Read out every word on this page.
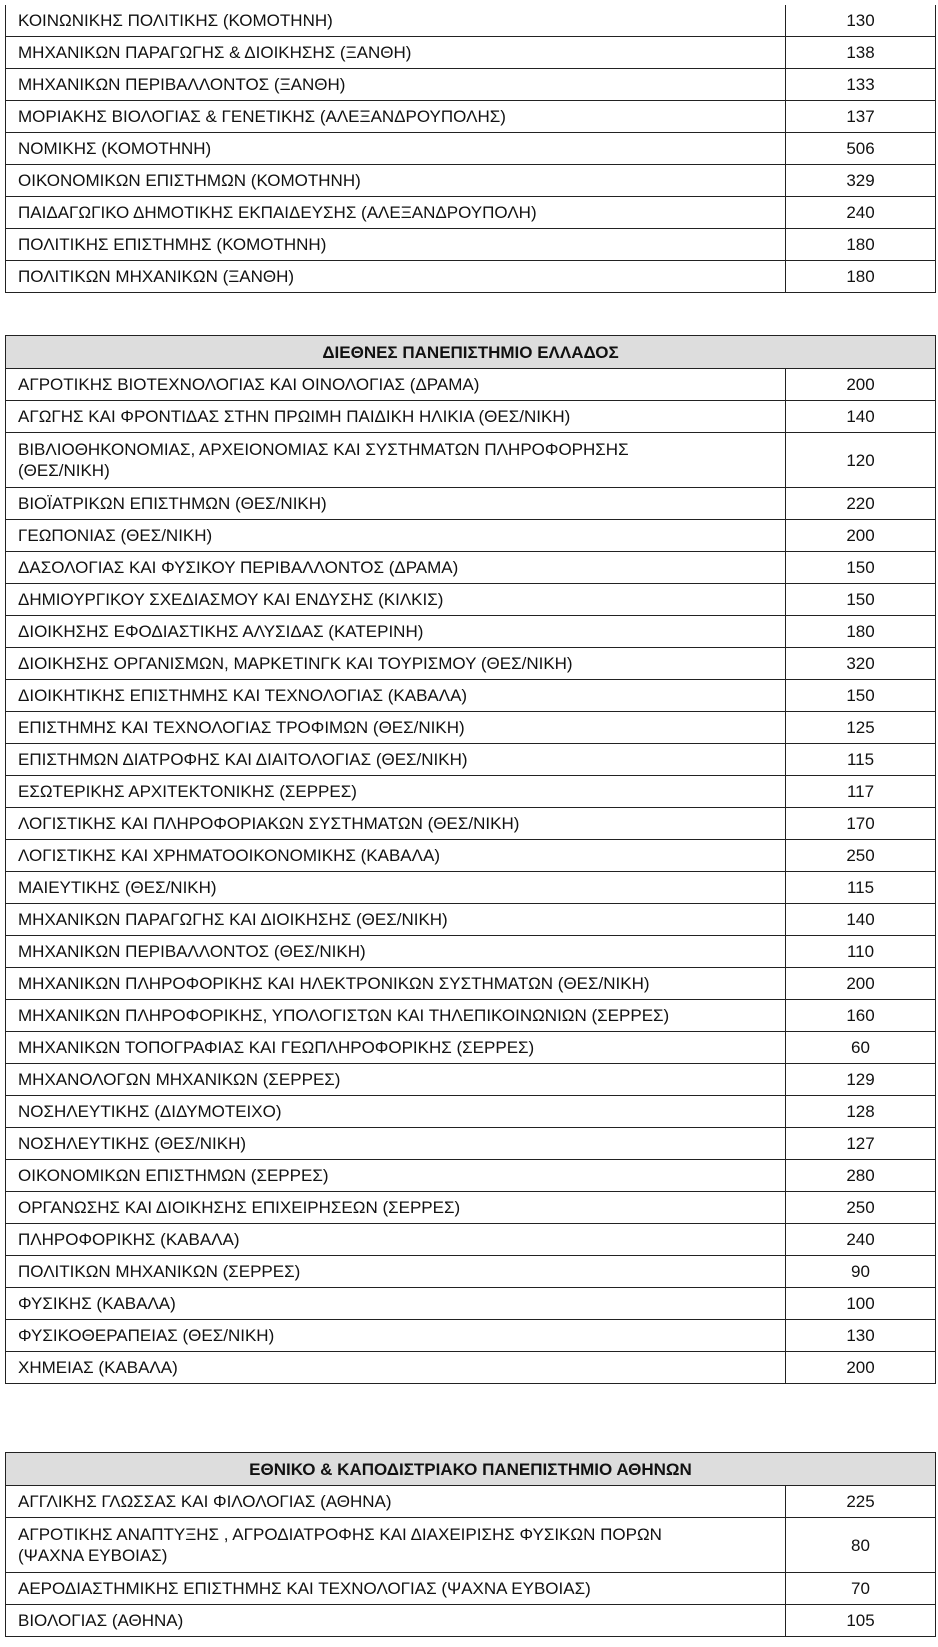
ΚΟΙΝΩΝΙΚΗΣ ΠΟΛΙΤΙΚΗΣ (ΚΟΜΟΤΗΝΗ)	130
ΜΗΧΑΝΙΚΩΝ ΠΑΡΑΓΩΓΗΣ & ΔΙΟΙΚΗΣΗΣ (ΞΑΝΘΗ)	138
ΜΗΧΑΝΙΚΩΝ ΠΕΡΙΒΑΛΛΟΝΤΟΣ (ΞΑΝΘΗ)	133
ΜΟΡΙΑΚΗΣ ΒΙΟΛΟΓΙΑΣ & ΓΕΝΕΤΙΚΗΣ (ΑΛΕΞΑΝΔΡΟΥΠΟΛΗΣ)	137
ΝΟΜΙΚΗΣ (ΚΟΜΟΤΗΝΗ)	506
ΟΙΚΟΝΟΜΙΚΩΝ ΕΠΙΣΤΗΜΩΝ (ΚΟΜΟΤΗΝΗ)	329
ΠΑΙΔΑΓΩΓΙΚΟ ΔΗΜΟΤΙΚΗΣ ΕΚΠΑΙΔΕΥΣΗΣ (ΑΛΕΞΑΝΔΡΟΥΠΟΛΗ)	240
ΠΟΛΙΤΙΚΗΣ ΕΠΙΣΤΗΜΗΣ (ΚΟΜΟΤΗΝΗ)	180
ΠΟΛΙΤΙΚΩΝ ΜΗΧΑΝΙΚΩΝ (ΞΑΝΘΗ)	180
ΔΙΕΘΝΕΣ ΠΑΝΕΠΙΣΤΗΜΙΟ ΕΛΛΑΔΟΣ	
ΑΓΡΟΤΙΚΗΣ ΒΙΟΤΕΧΝΟΛΟΓΙΑΣ ΚΑΙ ΟΙΝΟΛΟΓΙΑΣ (ΔΡΑΜΑ)	200
ΑΓΩΓΗΣ ΚΑΙ ΦΡΟΝΤΙΔΑΣ ΣΤΗΝ ΠΡΩΙΜΗ ΠΑΙΔΙΚΗ ΗΛΙΚΙΑ (ΘΕΣ/ΝΙΚΗ)	140

ΒΙΒΛΙΟΘΗΚΟΝΟΜΙΑΣ, ΑΡΧΕΙΟΝΟΜΙΑΣ ΚΑΙ ΣΥΣΤΗΜΑΤΩΝ ΠΛΗΡΟΦΟΡΗΣΗΣ
(ΘΕΣ/ΝΙΚΗ)	120
ΒΙΟΪΑΤΡΙΚΩΝ ΕΠΙΣΤΗΜΩΝ (ΘΕΣ/ΝΙΚΗ)	220
ΓΕΩΠΟΝΙΑΣ (ΘΕΣ/ΝΙΚΗ)	200
ΔΑΣΟΛΟΓΙΑΣ ΚΑΙ ΦΥΣΙΚΟΥ ΠΕΡΙΒΑΛΛΟΝΤΟΣ (ΔΡΑΜΑ)	150
ΔΗΜΙΟΥΡΓΙΚΟΥ ΣΧΕΔΙΑΣΜΟΥ ΚΑΙ ΕΝΔΥΣΗΣ (ΚΙΛΚΙΣ)	150
ΔΙΟΙΚΗΣΗΣ ΕΦΟΔΙΑΣΤΙΚΗΣ ΑΛΥΣΙΔΑΣ (ΚΑΤΕΡΙΝΗ)	180
ΔΙΟΙΚΗΣΗΣ ΟΡΓΑΝΙΣΜΩΝ, ΜΑΡΚΕΤΙΝΓΚ ΚΑΙ ΤΟΥΡΙΣΜΟΥ (ΘΕΣ/ΝΙΚΗ)	320
ΔΙΟΙΚΗΤΙΚΗΣ ΕΠΙΣΤΗΜΗΣ ΚΑΙ ΤΕΧΝΟΛΟΓΙΑΣ (ΚΑΒΑΛΑ)	150
ΕΠΙΣΤΗΜΗΣ ΚΑΙ ΤΕΧΝΟΛΟΓΙΑΣ ΤΡΟΦΙΜΩΝ (ΘΕΣ/ΝΙΚΗ)	125
ΕΠΙΣΤΗΜΩΝ ΔΙΑΤΡΟΦΗΣ ΚΑΙ ΔΙΑΙΤΟΛΟΓΙΑΣ (ΘΕΣ/ΝΙΚΗ)	115
ΕΣΩΤΕΡΙΚΗΣ ΑΡΧΙΤΕΚΤΟΝΙΚΗΣ (ΣΕΡΡΕΣ)	117
ΛΟΓΙΣΤΙΚΗΣ ΚΑΙ ΠΛΗΡΟΦΟΡΙΑΚΩΝ ΣΥΣΤΗΜΑΤΩΝ (ΘΕΣ/ΝΙΚΗ)	170
ΛΟΓΙΣΤΙΚΗΣ ΚΑΙ ΧΡΗΜΑΤΟΟΙΚΟΝΟΜΙΚΗΣ (ΚΑΒΑΛΑ)	250
ΜΑΙΕΥΤΙΚΗΣ (ΘΕΣ/ΝΙΚΗ)	115
ΜΗΧΑΝΙΚΩΝ ΠΑΡΑΓΩΓΗΣ ΚΑΙ ΔΙΟΙΚΗΣΗΣ (ΘΕΣ/ΝΙΚΗ)	140
ΜΗΧΑΝΙΚΩΝ ΠΕΡΙΒΑΛΛΟΝΤΟΣ (ΘΕΣ/ΝΙΚΗ)	110
ΜΗΧΑΝΙΚΩΝ ΠΛΗΡΟΦΟΡΙΚΗΣ ΚΑΙ ΗΛΕΚΤΡΟΝΙΚΩΝ ΣΥΣΤΗΜΑΤΩΝ (ΘΕΣ/ΝΙΚΗ)	200
ΜΗΧΑΝΙΚΩΝ ΠΛΗΡΟΦΟΡΙΚΗΣ, ΥΠΟΛΟΓΙΣΤΩΝ ΚΑΙ ΤΗΛΕΠΙΚΟΙΝΩΝΙΩΝ (ΣΕΡΡΕΣ)	160
ΜΗΧΑΝΙΚΩΝ ΤΟΠΟΓΡΑΦΙΑΣ ΚΑΙ ΓΕΩΠΛΗΡΟΦΟΡΙΚΗΣ (ΣΕΡΡΕΣ)	60
ΜΗΧΑΝΟΛΟΓΩΝ ΜΗΧΑΝΙΚΩΝ (ΣΕΡΡΕΣ)	129
ΝΟΣΗΛΕΥΤΙΚΗΣ (ΔΙΔΥΜΟΤΕΙΧΟ)	128
ΝΟΣΗΛΕΥΤΙΚΗΣ (ΘΕΣ/ΝΙΚΗ)	127
ΟΙΚΟΝΟΜΙΚΩΝ ΕΠΙΣΤΗΜΩΝ (ΣΕΡΡΕΣ)	280
ΟΡΓΑΝΩΣΗΣ ΚΑΙ ΔΙΟΙΚΗΣΗΣ ΕΠΙΧΕΙΡΗΣΕΩΝ (ΣΕΡΡΕΣ)	250
ΠΛΗΡΟΦΟΡΙΚΗΣ (ΚΑΒΑΛΑ)	240
ΠΟΛΙΤΙΚΩΝ ΜΗΧΑΝΙΚΩΝ (ΣΕΡΡΕΣ)	90
ΦΥΣΙΚΗΣ (ΚΑΒΑΛΑ)	100
ΦΥΣΙΚΟΘΕΡΑΠΕΙΑΣ (ΘΕΣ/ΝΙΚΗ)	130
ΧΗΜΕΙΑΣ (ΚΑΒΑΛΑ)	200
ΕΘΝΙΚΟ & ΚΑΠΟΔΙΣΤΡΙΑΚΟ ΠΑΝΕΠΙΣΤΗΜΙΟ ΑΘΗΝΩΝ	
ΑΓΓΛΙΚΗΣ ΓΛΩΣΣΑΣ ΚΑΙ ΦΙΛΟΛΟΓΙΑΣ (ΑΘΗΝΑ)	225

ΑΓΡΟΤΙΚΗΣ ΑΝΑΠΤΥΞΗΣ , ΑΓΡΟΔΙΑΤΡΟΦΗΣ ΚΑΙ ΔΙΑΧΕΙΡΙΣΗΣ ΦΥΣΙΚΩΝ ΠΟΡΩΝ
(ΨΑΧΝΑ ΕΥΒΟΙΑΣ)	80
ΑΕΡΟΔΙΑΣΤΗΜΙΚΗΣ ΕΠΙΣΤΗΜΗΣ ΚΑΙ ΤΕΧΝΟΛΟΓΙΑΣ (ΨΑΧΝΑ ΕΥΒΟΙΑΣ)	70
ΒΙΟΛΟΓΙΑΣ (ΑΘΗΝΑ)	105
